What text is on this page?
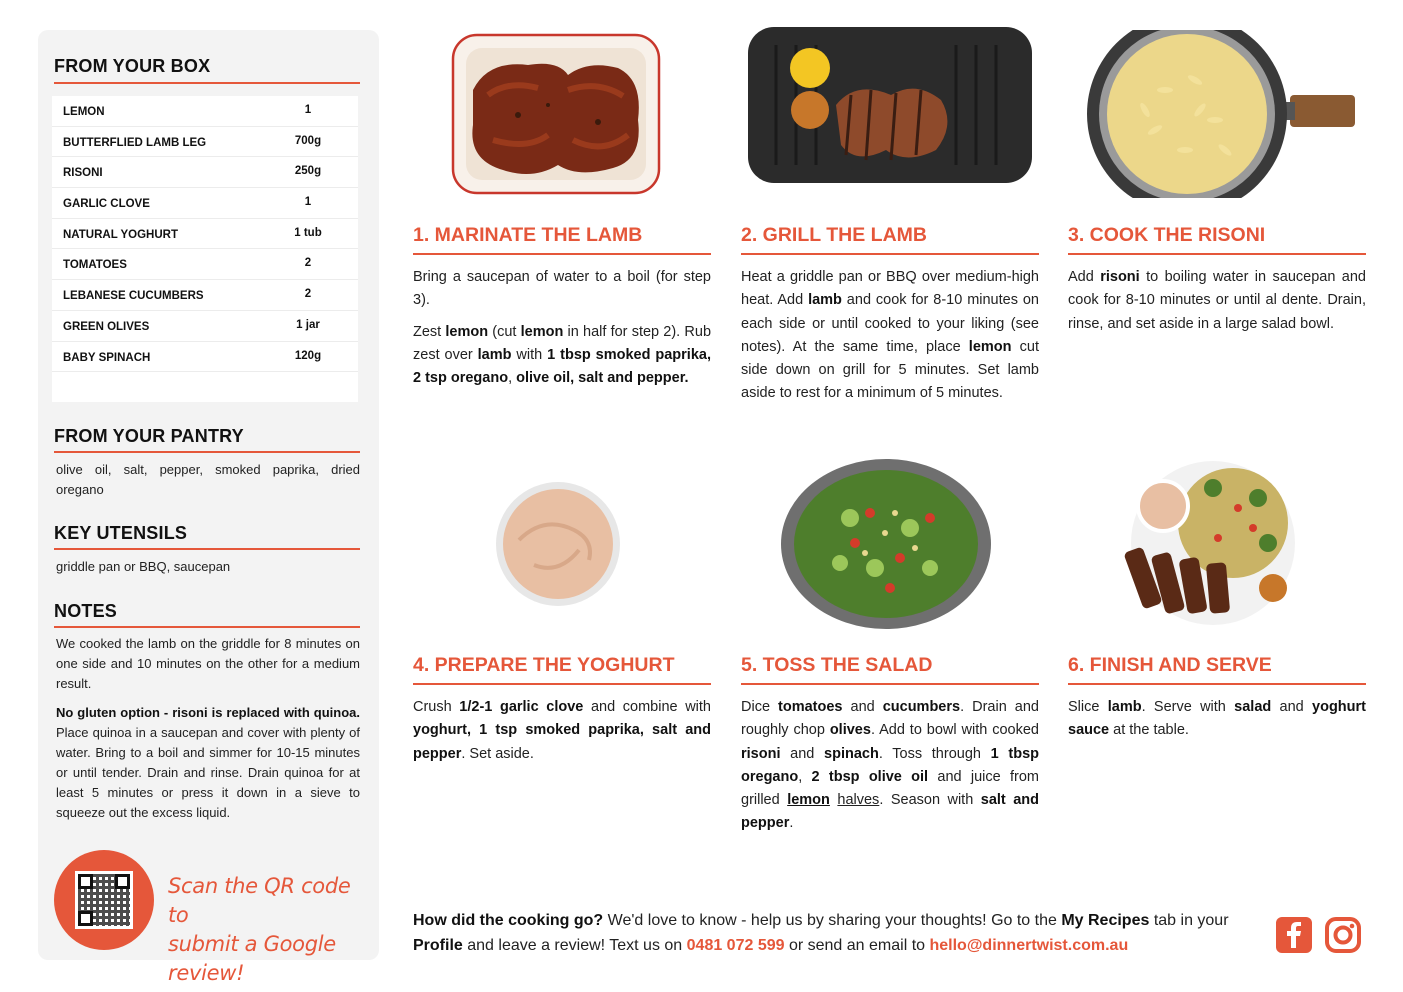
FROM YOUR BOX
LEMON	1
BUTTERFLIED LAMB LEG	700g
RISONI	250g
GARLIC CLOVE	1
NATURAL YOGHURT	1 tub
TOMATOES	2
LEBANESE CUCUMBERS	2
GREEN OLIVES	1 jar
BABY SPINACH	120g
FROM YOUR PANTRY
olive oil, salt, pepper, smoked paprika, dried oregano
KEY UTENSILS
griddle pan or BBQ, saucepan
NOTES
We cooked the lamb on the griddle for 8 minutes on one side and 10 minutes on the other for a medium result.
No gluten option - risoni is replaced with quinoa. Place quinoa in a saucepan and cover with plenty of water. Bring to a boil and simmer for 10-15 minutes or until tender. Drain and rinse. Drain quinoa for at least 5 minutes or press it down in a sieve to squeeze out the excess liquid.
Scan the QR code to
submit a Google review!
1. MARINATE THE LAMB

Bring a saucepan of water to a boil (for step 3).

Zest lemon (cut lemon in half for step 2). Rub zest over lamb with 1 tbsp smoked paprika, 2 tsp oregano, olive oil, salt and pepper.

2. GRILL THE LAMB

Heat a griddle pan or BBQ over medium-high heat. Add lamb and cook for 8-10 minutes on each side or until cooked to your liking (see notes). At the same time, place lemon cut side down on grill for 5 minutes. Set lamb aside to rest for a minimum of 5 minutes.

3. COOK THE RISONI

Add risoni to boiling water in saucepan and cook for 8-10 minutes or until al dente. Drain, rinse, and set aside in a large salad bowl.

4. PREPARE THE YOGHURT

Crush 1/2-1 garlic clove and combine with yoghurt, 1 tsp smoked paprika, salt and pepper. Set aside.

5. TOSS THE SALAD

Dice tomatoes and cucumbers. Drain and roughly chop olives. Add to bowl with cooked risoni and spinach. Toss through 1 tbsp oregano, 2 tbsp olive oil and juice from grilled lemon halves. Season with salt and pepper.

6. FINISH AND SERVE

Slice lamb. Serve with salad and yoghurt sauce at the table.

How did the cooking go? We'd love to know - help us by sharing your thoughts! Go to the My Recipes tab in your Profile and leave a review! Text us on 0481 072 599 or send an email to hello@dinnertwist.com.au
